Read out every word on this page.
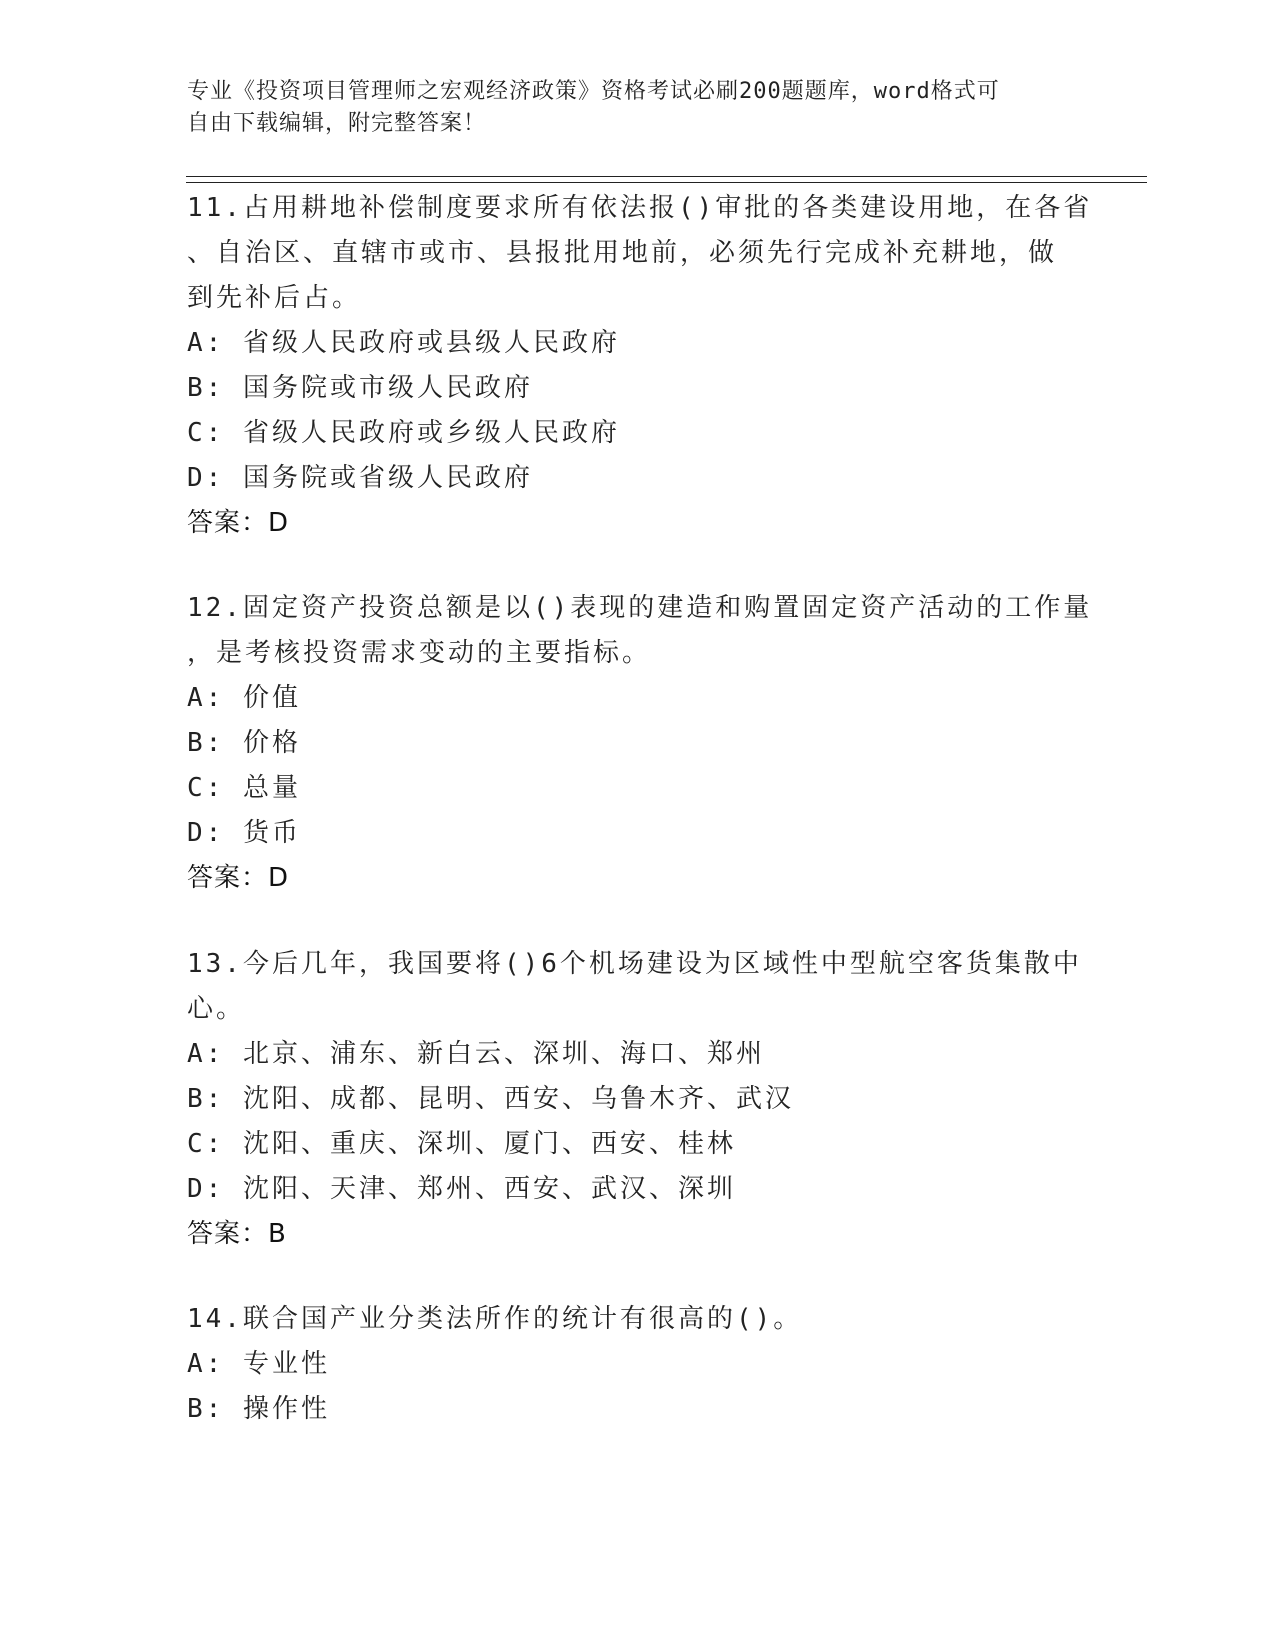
专业《投资项目管理师之宏观经济政策》资格考试必刷200题题库，word格式可
自由下载编辑，附完整答案！
11.占用耕地补偿制度要求所有依法报()审批的各类建设用地，在各省
、自治区、直辖市或市、县报批用地前，必须先行完成补充耕地，做
到先补后占。
A: 省级人民政府或县级人民政府
B: 国务院或市级人民政府
C: 省级人民政府或乡级人民政府
D: 国务院或省级人民政府
答案：D
12.固定资产投资总额是以()表现的建造和购置固定资产活动的工作量
，是考核投资需求变动的主要指标。
A: 价值
B: 价格
C: 总量
D: 货币
答案：D
13.今后几年，我国要将()6个机场建设为区域性中型航空客货集散中
心。
A: 北京、浦东、新白云、深圳、海口、郑州
B: 沈阳、成都、昆明、西安、乌鲁木齐、武汉
C: 沈阳、重庆、深圳、厦门、西安、桂林
D: 沈阳、天津、郑州、西安、武汉、深圳
答案：B
14.联合国产业分类法所作的统计有很高的()。
A: 专业性
B: 操作性
